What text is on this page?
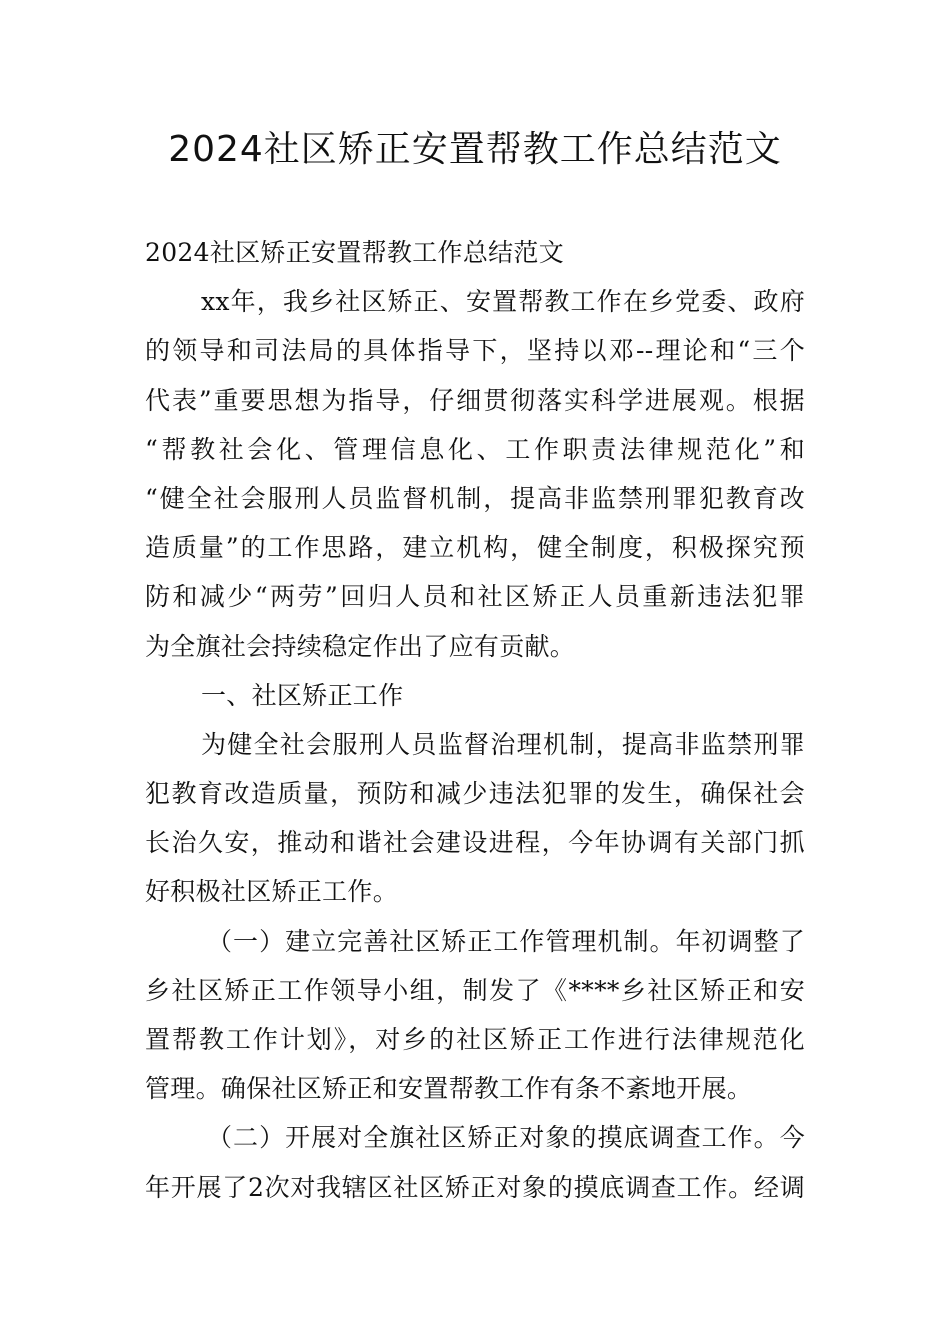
2024社区矫正安置帮教工作总结范文
2024社区矫正安置帮教工作总结范文
xx年，我乡社区矫正、安置帮教工作在乡党委、政府
的领导和司法局的具体指导下，坚持以邓--理论和“三个
代表”重要思想为指导，仔细贯彻落实科学进展观。根据
“帮教社会化、管理信息化、工作职责法律规范化”和
“健全社会服刑人员监督机制，提高非监禁刑罪犯教育改
造质量”的工作思路，建立机构，健全制度，积极探究预
防和减少“两劳”回归人员和社区矫正人员重新违法犯罪
为全旗社会持续稳定作出了应有贡献。
一、社区矫正工作
为健全社会服刑人员监督治理机制，提高非监禁刑罪
犯教育改造质量，预防和减少违法犯罪的发生，确保社会
长治久安，推动和谐社会建设进程，今年协调有关部门抓
好积极社区矫正工作。
（一）建立完善社区矫正工作管理机制。年初调整了
乡社区矫正工作领导小组，制发了《****乡社区矫正和安
置帮教工作计划》，对乡的社区矫正工作进行法律规范化
管理。确保社区矫正和安置帮教工作有条不紊地开展。
（二）开展对全旗社区矫正对象的摸底调查工作。今
年开展了2次对我辖区社区矫正对象的摸底调查工作。经调
